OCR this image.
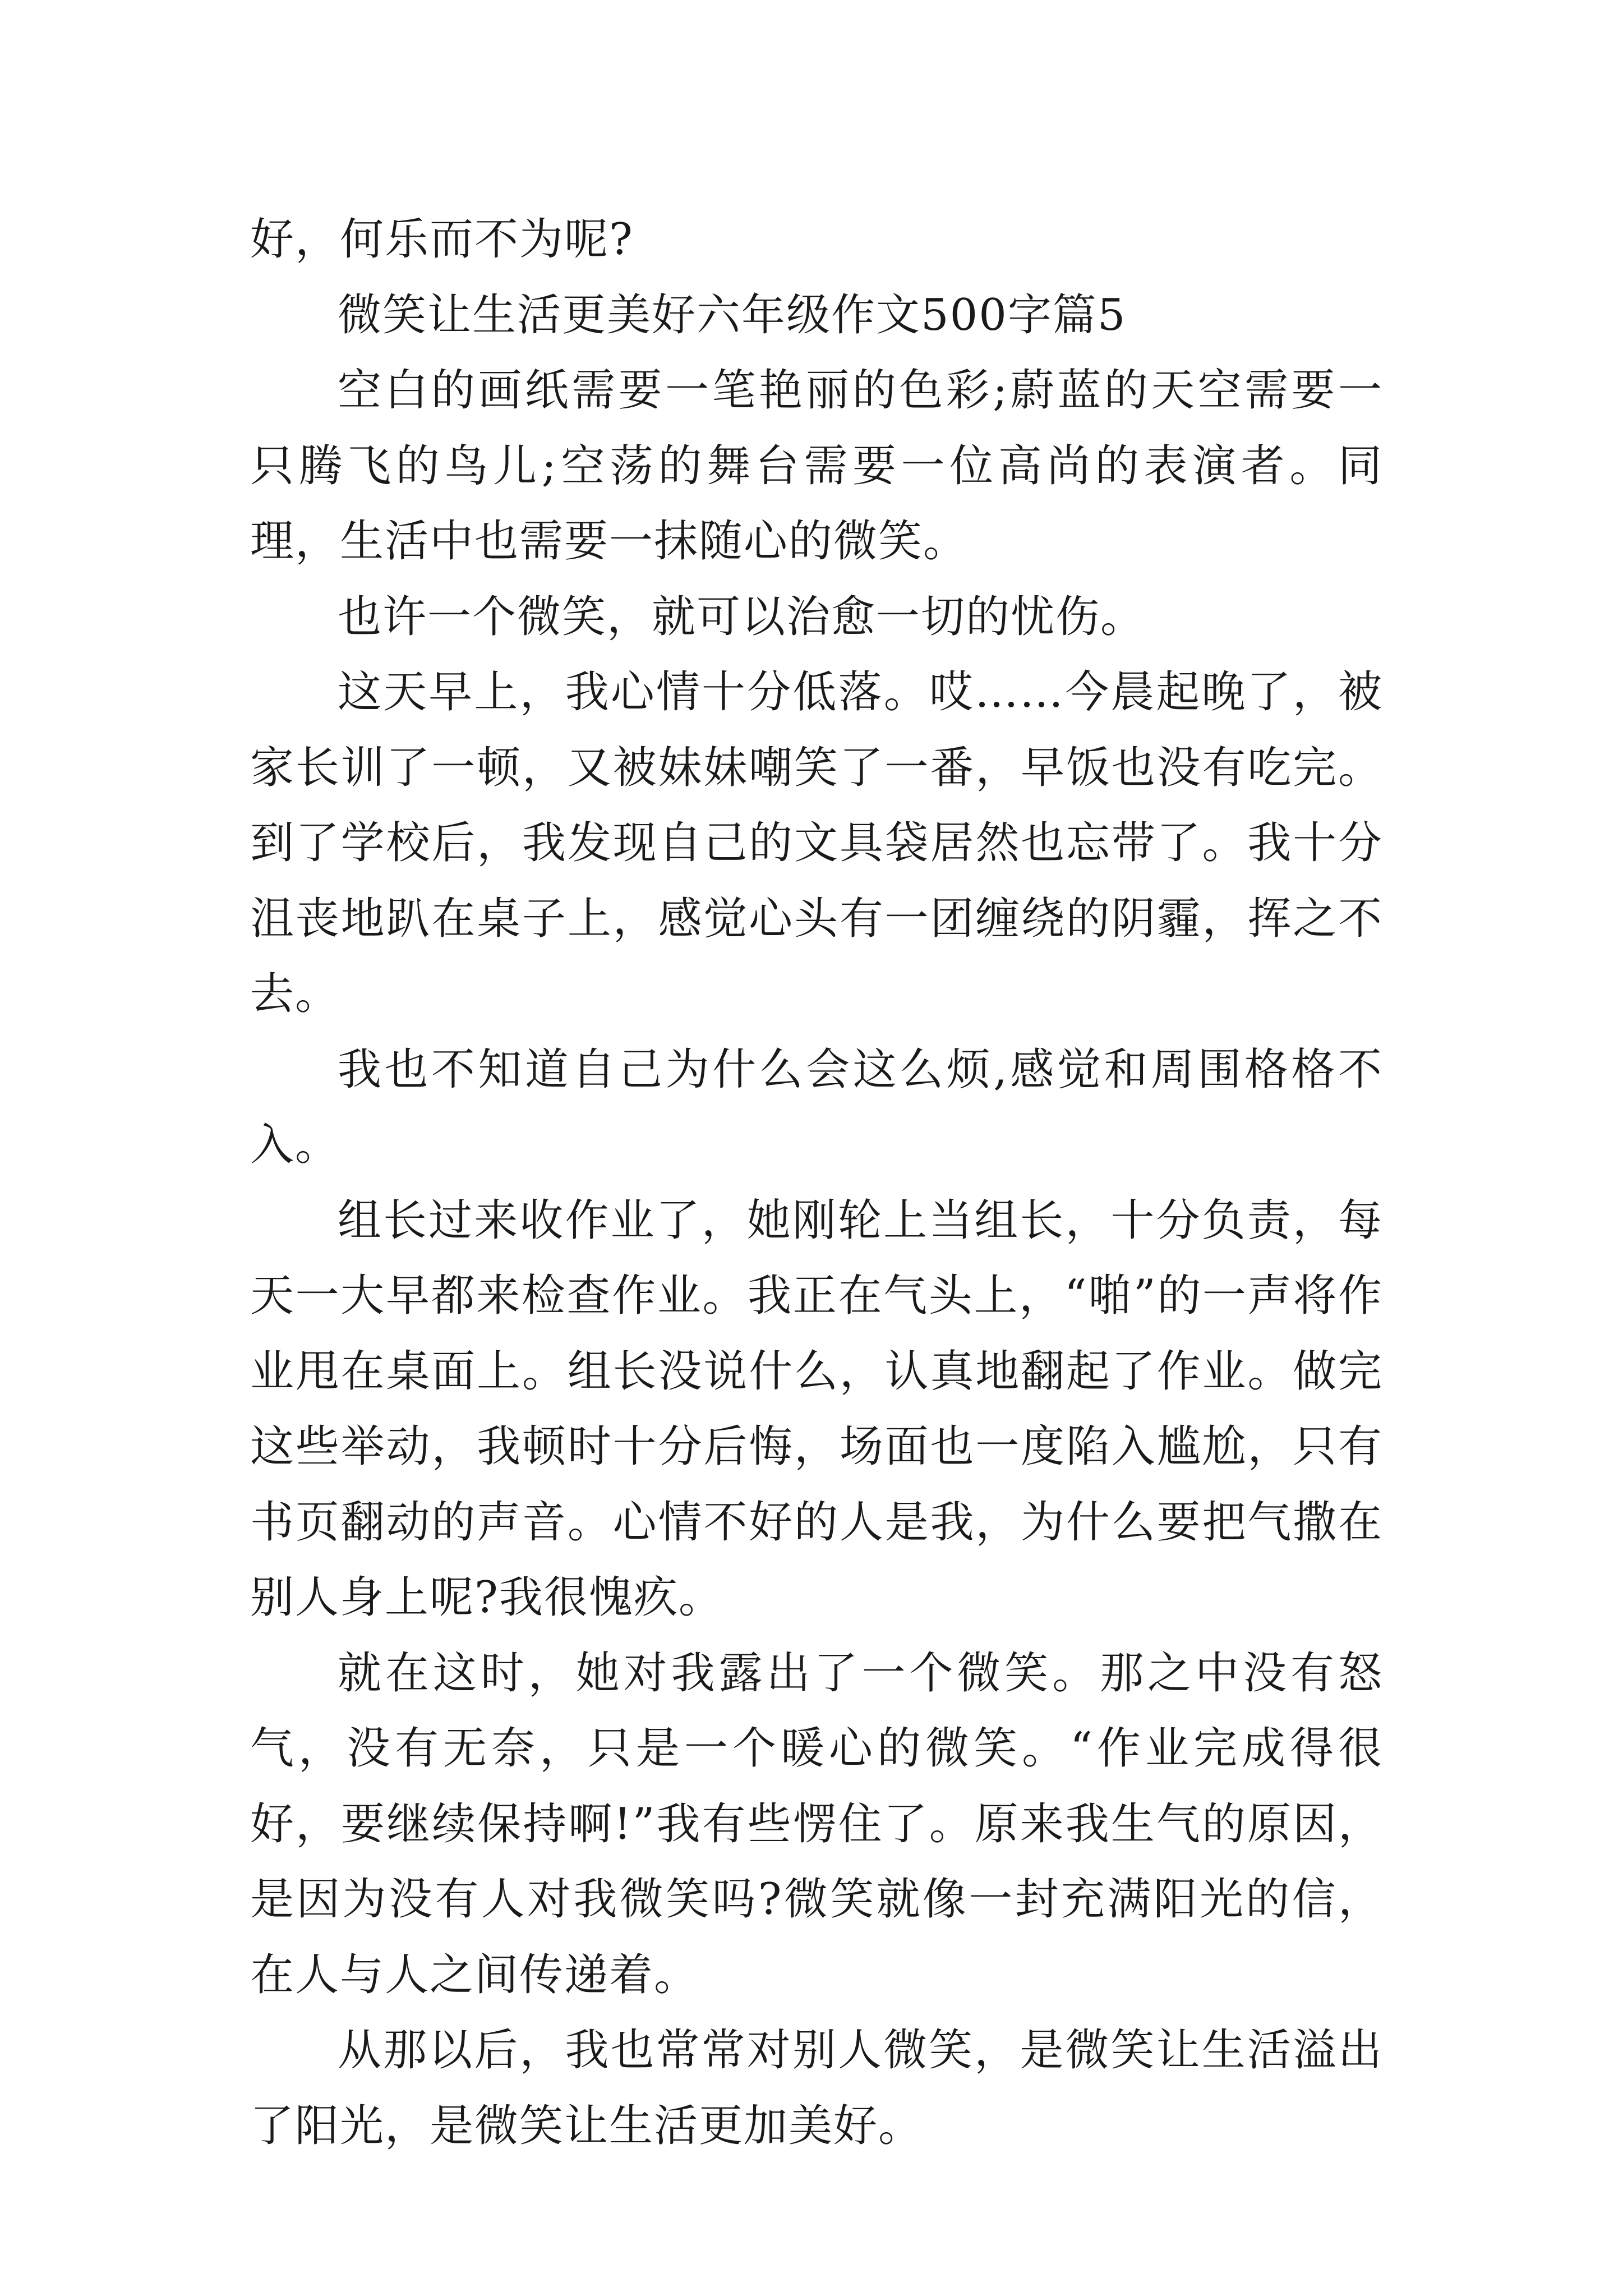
好，何乐而不为呢?

微笑让生活更美好六年级作文500字篇5

空白的画纸需要一笔艳丽的色彩;蔚蓝的天空需要一只腾飞的鸟儿;空荡的舞台需要一位高尚的表演者。同理，生活中也需要一抹随心的微笑。

也许一个微笑，就可以治愈一切的忧伤。

这天早上，我心情十分低落。哎……今晨起晚了，被家长训了一顿，又被妹妹嘲笑了一番，早饭也没有吃完。到了学校后，我发现自己的文具袋居然也忘带了。我十分沮丧地趴在桌子上，感觉心头有一团缠绕的阴霾，挥之不去。

我也不知道自己为什么会这么烦,感觉和周围格格不入。

组长过来收作业了，她刚轮上当组长，十分负责，每天一大早都来检查作业。我正在气头上，“啪”的一声将作业甩在桌面上。组长没说什么，认真地翻起了作业。做完这些举动，我顿时十分后悔，场面也一度陷入尴尬，只有书页翻动的声音。心情不好的人是我，为什么要把气撒在别人身上呢?我很愧疚。

就在这时，她对我露出了一个微笑。那之中没有怒气，没有无奈，只是一个暖心的微笑。“作业完成得很好，要继续保持啊!”我有些愣住了。原来我生气的原因，是因为没有人对我微笑吗?微笑就像一封充满阳光的信，在人与人之间传递着。

从那以后，我也常常对别人微笑，是微笑让生活溢出了阳光，是微笑让生活更加美好。
